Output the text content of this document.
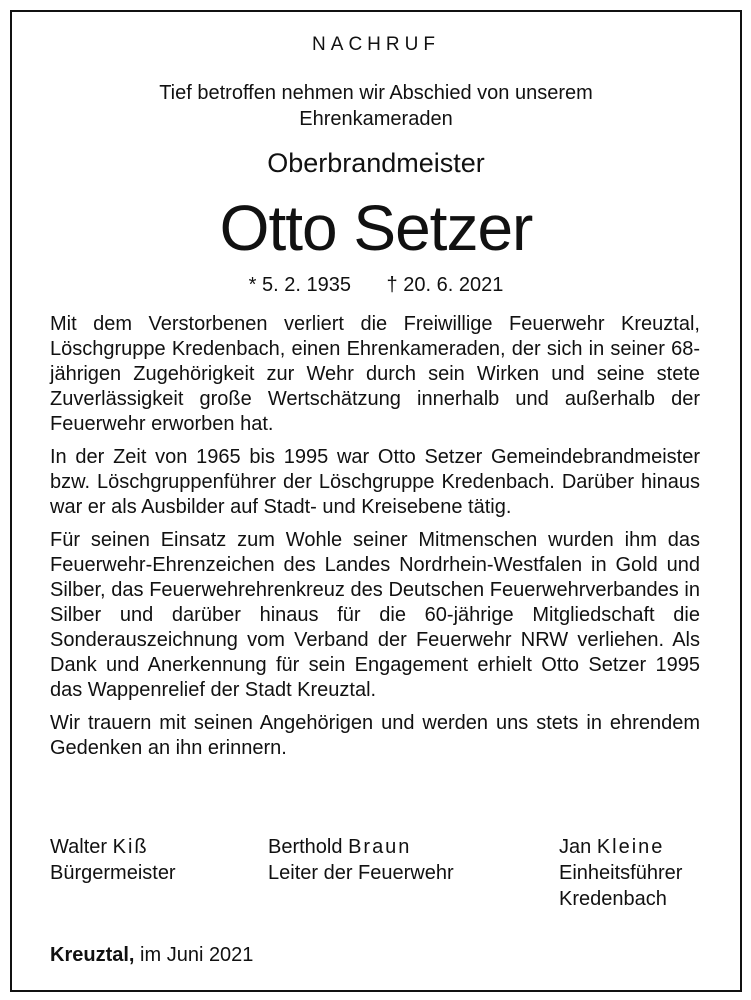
NACHRUF
Tief betroffen nehmen wir Abschied von unserem
Ehrenkameraden
Oberbrandmeister
Otto Setzer
* 5. 2. 1935 † 20. 6. 2021

Mit dem Verstorbenen verliert die Freiwillige Feuerwehr Kreuztal, Löschgruppe Kredenbach, einen Ehrenkameraden, der sich in seiner 68-jährigen Zugehörigkeit zur Wehr durch sein Wirken und seine stete Zuverlässigkeit große Wertschätzung innerhalb und außerhalb der Feuerwehr erworben hat.

In der Zeit von 1965 bis 1995 war Otto Setzer Gemeindebrandmeister bzw. Löschgruppenführer der Löschgruppe Kredenbach. Darüber hinaus war er als Ausbilder auf Stadt- und Kreisebene tätig.

Für seinen Einsatz zum Wohle seiner Mitmenschen wurden ihm das Feuerwehr-Ehrenzeichen des Landes Nordrhein-Westfalen in Gold und Silber, das Feuerwehrehrenkreuz des Deutschen Feuerwehrverbandes in Silber und darüber hinaus für die 60-jährige Mitgliedschaft die Sonderauszeichnung vom Verband der Feuerwehr NRW verliehen. Als Dank und Anerkennung für sein Engagement erhielt Otto Setzer 1995 das Wappenrelief der Stadt Kreuztal.

Wir trauern mit seinen Angehörigen und werden uns stets in ehrendem Gedenken an ihn erinnern.

Walter Kiß
Bürgermeister
Berthold Braun
Leiter der Feuerwehr
Jan Kleine
Einheitsführer
Kredenbach
Kreuztal, im Juni 2021
